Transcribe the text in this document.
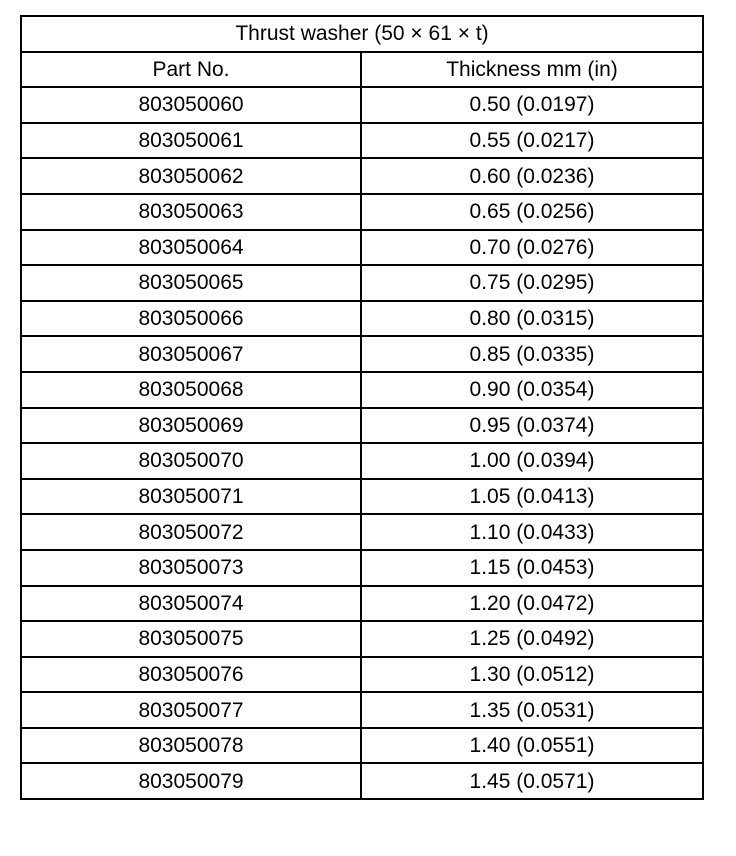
Thrust washer (50 × 61 × t)	
Part No.	Thickness mm (in)
803050060	0.50 (0.0197)
803050061	0.55 (0.0217)
803050062	0.60 (0.0236)
803050063	0.65 (0.0256)
803050064	0.70 (0.0276)
803050065	0.75 (0.0295)
803050066	0.80 (0.0315)
803050067	0.85 (0.0335)
803050068	0.90 (0.0354)
803050069	0.95 (0.0374)
803050070	1.00 (0.0394)
803050071	1.05 (0.0413)
803050072	1.10 (0.0433)
803050073	1.15 (0.0453)
803050074	1.20 (0.0472)
803050075	1.25 (0.0492)
803050076	1.30 (0.0512)
803050077	1.35 (0.0531)
803050078	1.40 (0.0551)
803050079	1.45 (0.0571)
